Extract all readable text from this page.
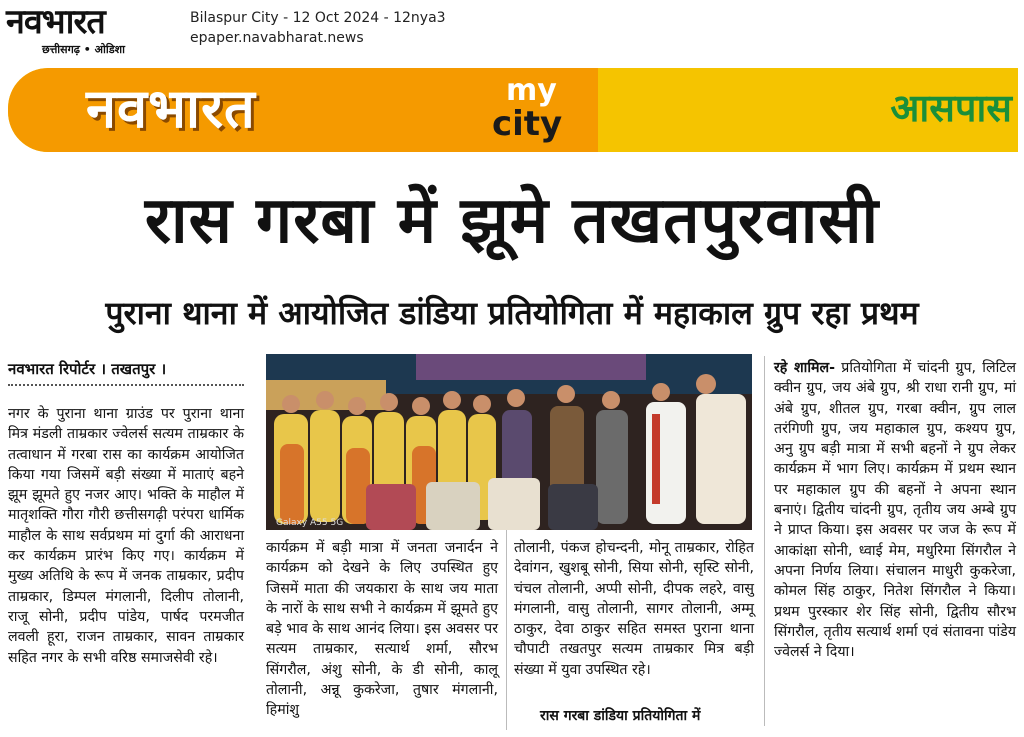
नवभारत
छत्तीसगढ़ • ओडिशा
Bilaspur City - 12 Oct 2024 - 12nya3
epaper.navabharat.news
नवभारत	my
city	आसपास
रास गरबा में झूमे तखतपुरवासी
पुराना थाना में आयोजित डांडिया प्रतियोगिता में महाकाल ग्रुप रहा प्रथम
नवभारत रिपोर्टर । तखतपुर ।

नगर के पुराना थाना ग्राउंड पर पुराना थाना मित्र मंडली ताम्रकार ज्वेलर्स सत्यम ताम्रकार के तत्वाधान में गरबा रास का कार्यक्रम आयोजित किया गया जिसमें बड़ी संख्या में माताएं बहने झूम झूमते हुए नजर आए। भक्ति के माहौल में मातृशक्ति गौरा गौरी छत्तीसगढ़ी परंपरा धार्मिक माहौल के साथ सर्वप्रथम मां दुर्गा की आराधना कर कार्यक्रम प्रारंभ किए गए। कार्यक्रम में मुख्य अतिथि के रूप में जनक ताम्रकार, प्रदीप ताम्रकार, डिम्पल मंगलानी, दिलीप तोलानी, राजू सोनी, प्रदीप पांडेय, पार्षद परमजीत लवली हूरा, राजन ताम्रकार, सावन ताम्रकार सहित नगर के सभी वरिष्ठ समाजसेवी रहे।

Galaxy A55 5G

कार्यक्रम में बड़ी मात्रा में जनता जनार्दन ने कार्यक्रम को देखने के लिए उपस्थित हुए जिसमें माता की जयकारा के साथ जय माता के नारों के साथ सभी ने कार्यक्रम में झूमते हुए बड़े भाव के साथ आनंद लिया। इस अवसर पर सत्यम ताम्रकार, सत्यार्थ शर्मा, सौरभ सिंगरौल, अंशु सोनी, के डी सोनी, कालू तोलानी, अन्नू कुकरेजा, तुषार मंगलानी, हिमांशु

तोलानी, पंकज होचन्दनी, मोनू ताम्रकार, रोहित देवांगन, खुशबू सोनी, सिया सोनी, सृस्टि सोनी, चंचल तोलानी, अप्पी सोनी, दीपक लहरे, वासु मंगलानी, वासु तोलानी, सागर तोलानी, अम्मू ठाकुर, देवा ठाकुर सहित समस्त पुराना थाना चौपाटी तखतपुर सत्यम ताम्रकार मित्र बड़ी संख्या में युवा उपस्थित रहे।

रास गरबा डांडिया प्रतियोगिता में

रहे शामिल- प्रतियोगिता में चांदनी ग्रुप, लिटिल क्वीन ग्रुप, जय अंबे ग्रुप, श्री राधा रानी ग्रुप, मां अंबे ग्रुप, शीतल ग्रुप, गरबा क्वीन, ग्रुप लाल तरंगिणी ग्रुप, जय महाकाल ग्रुप, कश्यप ग्रुप, अनु ग्रुप बड़ी मात्रा में सभी बहनों ने ग्रुप लेकर कार्यक्रम में भाग लिए। कार्यक्रम में प्रथम स्थान पर महाकाल ग्रुप की बहनों ने अपना स्थान बनाएं। द्वितीय चांदनी ग्रुप, तृतीय जय अम्बे ग्रुप ने प्राप्त किया। इस अवसर पर जज के रूप में आकांक्षा सोनी, ध्वाई मेम, मधुरिमा सिंगरौल ने अपना निर्णय लिया। संचालन माधुरी कुकरेजा, कोमल सिंह ठाकुर, नितेश सिंगरौल ने किया। प्रथम पुरस्कार शेर सिंह सोनी, द्वितीय सौरभ सिंगरौल, तृतीय सत्यार्थ शर्मा एवं संतावना पांडेय ज्वेलर्स ने दिया।
